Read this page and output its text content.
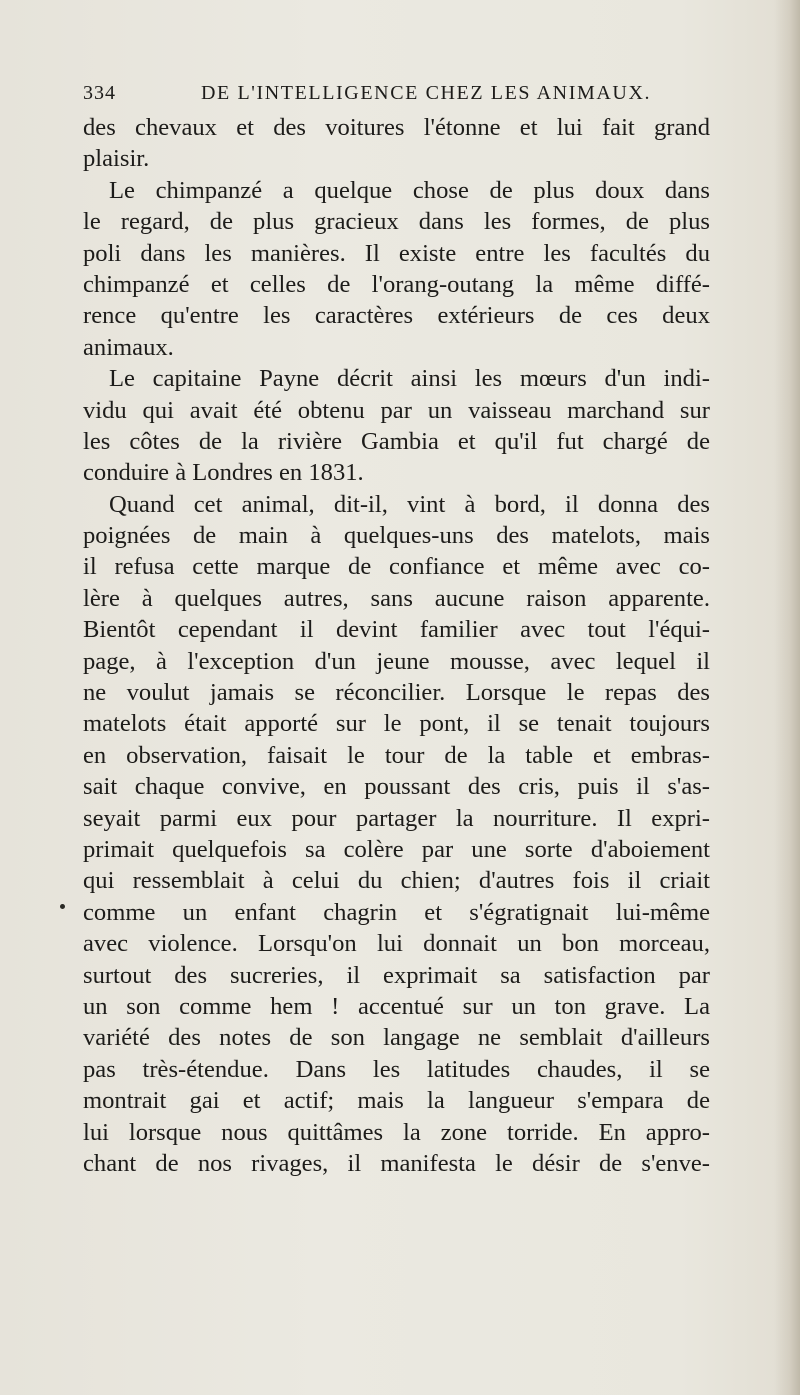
334	DE L'INTELLIGENCE CHEZ LES ANIMAUX.
des chevaux et des voitures l'étonne et lui fait grand
plaisir.
Le chimpanzé a quelque chose de plus doux dans
le regard, de plus gracieux dans les formes, de plus
poli dans les manières. Il existe entre les facultés du
chimpanzé et celles de l'orang-outang la même diffé-
rence qu'entre les caractères extérieurs de ces deux
animaux.
Le capitaine Payne décrit ainsi les mœurs d'un indi-
vidu qui avait été obtenu par un vaisseau marchand sur
les côtes de la rivière Gambia et qu'il fut chargé de
conduire à Londres en 1831.
Quand cet animal, dit-il, vint à bord, il donna des
poignées de main à quelques-uns des matelots, mais
il refusa cette marque de confiance et même avec co-
lère à quelques autres, sans aucune raison apparente.
Bientôt cependant il devint familier avec tout l'équi-
page, à l'exception d'un jeune mousse, avec lequel il
ne voulut jamais se réconcilier. Lorsque le repas des
matelots était apporté sur le pont, il se tenait toujours
en observation, faisait le tour de la table et embras-
sait chaque convive, en poussant des cris, puis il s'as-
seyait parmi eux pour partager la nourriture. Il expri-
primait quelquefois sa colère par une sorte d'aboiement
qui ressemblait à celui du chien; d'autres fois il criait
comme un enfant chagrin et s'égratignait lui-même
avec violence. Lorsqu'on lui donnait un bon morceau,
surtout des sucreries, il exprimait sa satisfaction par
un son comme hem ! accentué sur un ton grave. La
variété des notes de son langage ne semblait d'ailleurs
pas très-étendue. Dans les latitudes chaudes, il se
montrait gai et actif; mais la langueur s'empara de
lui lorsque nous quittâmes la zone torride. En appro-
chant de nos rivages, il manifesta le désir de s'enve-
